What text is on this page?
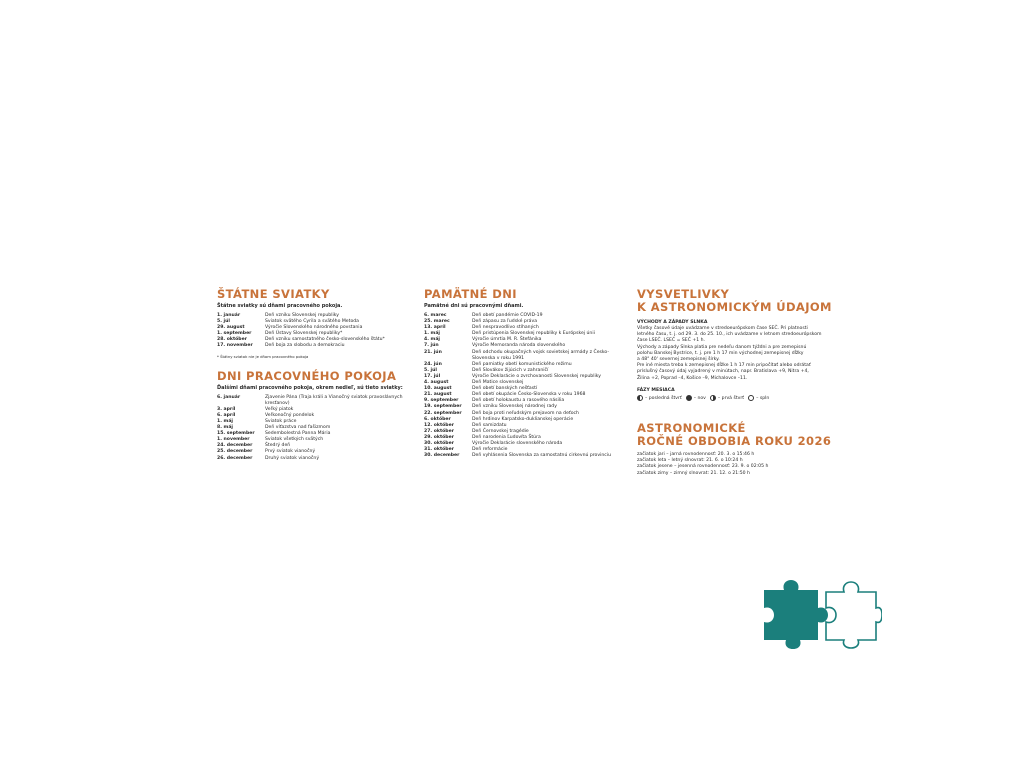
ŠTÁTNE SVIATKY
Štátne sviatky sú dňami pracovného pokoja.
1. január	Deň vzniku Slovenskej republiky
5. júl	Sviatok svätého Cyrila a svätého Metoda
29. august	Výročie Slovenského národného povstania
1. september	Deň Ústavy Slovenskej republiky*
28. október	Deň vzniku samostatného česko-slovenského štátu*
17. november	Deň boja za slobodu a demokraciu
* Štátny sviatok nie je dňom pracovného pokoja
DNI PRACOVNÉHO POKOJA
Ďalšími dňami pracovného pokoja, okrem nedieľ, sú tieto sviatky:
6. január	Zjavenie Pána (Traja králi a Vianočný sviatok pravoslávnych kresťanov)
3. apríl	Veľký piatok
6. apríl	Veľkonočný pondelok
1. máj	Sviatok práce
8. máj	Deň víťazstva nad fašizmom
15. september	Sedembolestná Panna Mária
1. november	Sviatok všetkých svätých
24. december	Štedrý deň
25. december	Prvý sviatok vianočný
26. december	Druhý sviatok vianočný
PAMÄTNÉ DNI
Pamätné dni sú pracovnými dňami.
6. marec	Deň obetí pandémie COVID-19
25. marec	Deň zápasu za ľudské práva
13. apríl	Deň nespravodlivo stíhaných
1. máj	Deň pristúpenia Slovenskej republiky k Európskej únii
4. máj	Výročie úmrtia M. R. Štefánika
7. jún	Výročie Memoranda národa slovenského
21. jún	Deň odchodu okupačných vojsk sovietskej armády z Česko-Slovenska v roku 1991
24. jún	Deň pamiatky obetí komunistického režimu
5. júl	Deň Slovákov žijúcich v zahraničí
17. júl	Výročie Deklarácie o zvrchovanosti Slovenskej republiky
4. august	Deň Matice slovenskej
10. august	Deň obetí banských nešťastí
21. august	Deň obetí okupácie Česko-Slovenska v roku 1968
9. september	Deň obetí holokaustu a rasového násilia
19. september	Deň vzniku Slovenskej národnej rady
22. september	Deň boja proti neľudským prejavom na deťoch
6. október	Deň hrdinov Karpatsko-duklianskej operácie
12. október	Deň samizdatu
27. október	Deň Černovskej tragédie
29. október	Deň narodenia Ľudovíta Štúra
30. október	Výročie Deklarácie slovenského národa
31. október	Deň reformácie
30. december	Deň vyhlásenia Slovenska za samostatnú cirkevnú provinciu
VYSVETLIVKY
K ASTRONOMICKÝM ÚDAJOM
VÝCHODY A ZÁPADY SLNKA
Všetky časové údaje uvádzame v stredoeurópskom čase SEČ. Pri platnosti
letného času, t. j. od 29. 3. do 25. 10., ich uvádzame v letnom stredoeurópskom
čase LSEČ. LSEČ = SEČ +1 h.
Východy a západy Slnka platia pre nedeľu danom týždni a pre zemepisnú
polohu Banskej Bystrice, t. j. pre 1 h 17 min východnej zemepisnej dĺžky
a 48° 40' severnej zemepisnej šírky.
Pre iné miesta treba k zemepisnej dĺžke 1 h 17 min pripočítať alebo odrátať
príslušný časový údaj vyjadrený v minútach, napr. Bratislava +9, Nitra +4,
Žilina +2, Poprad –4, Košice –9, Michalovce –11.
FÁZY MESIACA
– posledná štvrť	– nov	– prvá štvrť	– spln
ASTRONOMICKÉ
ROČNÉ OBDOBIA ROKU 2026
začiatok jari – jarná rovnodennosť: 20. 3. o 15:46 h
začiatok leta – letný slnovrat: 21. 6. o 10:24 h
začiatok jesene – jesenná rovnodennosť: 23. 9. o 02:05 h
začiatok zimy – zimný slnovrat: 21. 12. o 21:50 h
